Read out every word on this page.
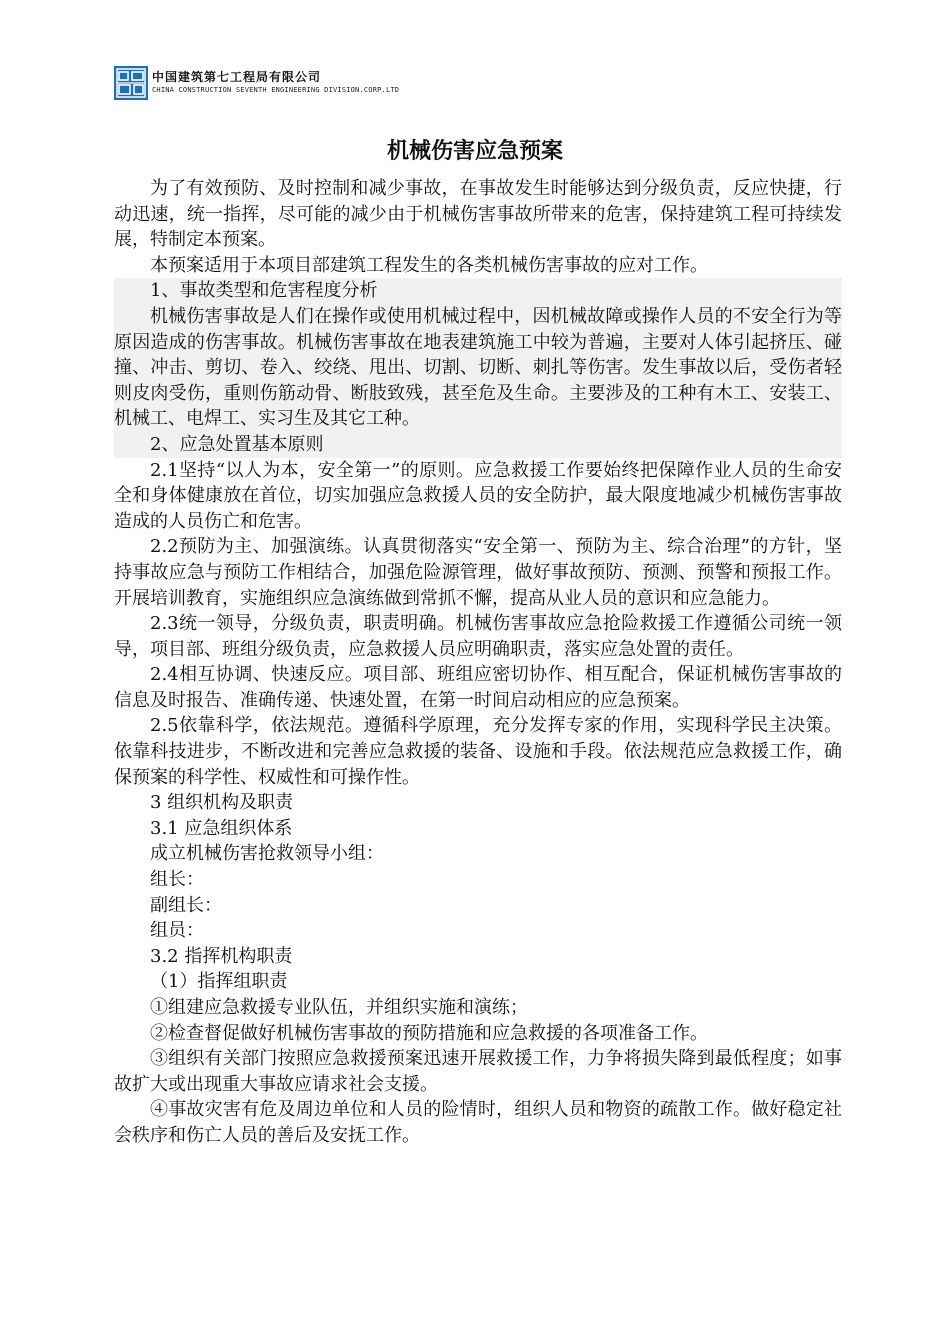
中国建筑第七工程局有限公司
CHINA CONSTRUCTION SEVENTH ENGINEERING DIVISION.CORP.LTD
机械伤害应急预案

为了有效预防、及时控制和减少事故，在事故发生时能够达到分级负责，反应快捷，行动迅速，统一指挥，尽可能的减少由于机械伤害事故所带来的危害，保持建筑工程可持续发展，特制定本预案。

本预案适用于本项目部建筑工程发生的各类机械伤害事故的应对工作。

1、事故类型和危害程度分析

机械伤害事故是人们在操作或使用机械过程中，因机械故障或操作人员的不安全行为等原因造成的伤害事故。机械伤害事故在地表建筑施工中较为普遍，主要对人体引起挤压、碰撞、冲击、剪切、卷入、绞绕、甩出、切割、切断、刺扎等伤害。发生事故以后，受伤者轻则皮肉受伤，重则伤筋动骨、断肢致残，甚至危及生命。主要涉及的工种有木工、安装工、机械工、电焊工、实习生及其它工种。

2、应急处置基本原则

2.1坚持“以人为本，安全第一”的原则。应急救援工作要始终把保障作业人员的生命安全和身体健康放在首位，切实加强应急救援人员的安全防护，最大限度地减少机械伤害事故造成的人员伤亡和危害。

2.2预防为主、加强演练。认真贯彻落实“安全第一、预防为主、综合治理”的方针，坚持事故应急与预防工作相结合，加强危险源管理，做好事故预防、预测、预警和预报工作。开展培训教育，实施组织应急演练做到常抓不懈，提高从业人员的意识和应急能力。

2.3统一领导，分级负责，职责明确。机械伤害事故应急抢险救援工作遵循公司统一领导，项目部、班组分级负责，应急救援人员应明确职责，落实应急处置的责任。

2.4相互协调、快速反应。项目部、班组应密切协作、相互配合，保证机械伤害事故的信息及时报告、准确传递、快速处置，在第一时间启动相应的应急预案。

2.5依靠科学，依法规范。遵循科学原理，充分发挥专家的作用，实现科学民主决策。依靠科技进步，不断改进和完善应急救援的装备、设施和手段。依法规范应急救援工作，确保预案的科学性、权威性和可操作性。

3 组织机构及职责

3.1 应急组织体系

成立机械伤害抢救领导小组：

组长：

副组长：

组员：

3.2 指挥机构职责

（1）指挥组职责

①组建应急救援专业队伍，并组织实施和演练；

②检查督促做好机械伤害事故的预防措施和应急救援的各项准备工作。

③组织有关部门按照应急救援预案迅速开展救援工作，力争将损失降到最低程度；如事故扩大或出现重大事故应请求社会支援。

④事故灾害有危及周边单位和人员的险情时，组织人员和物资的疏散工作。做好稳定社会秩序和伤亡人员的善后及安抚工作。
